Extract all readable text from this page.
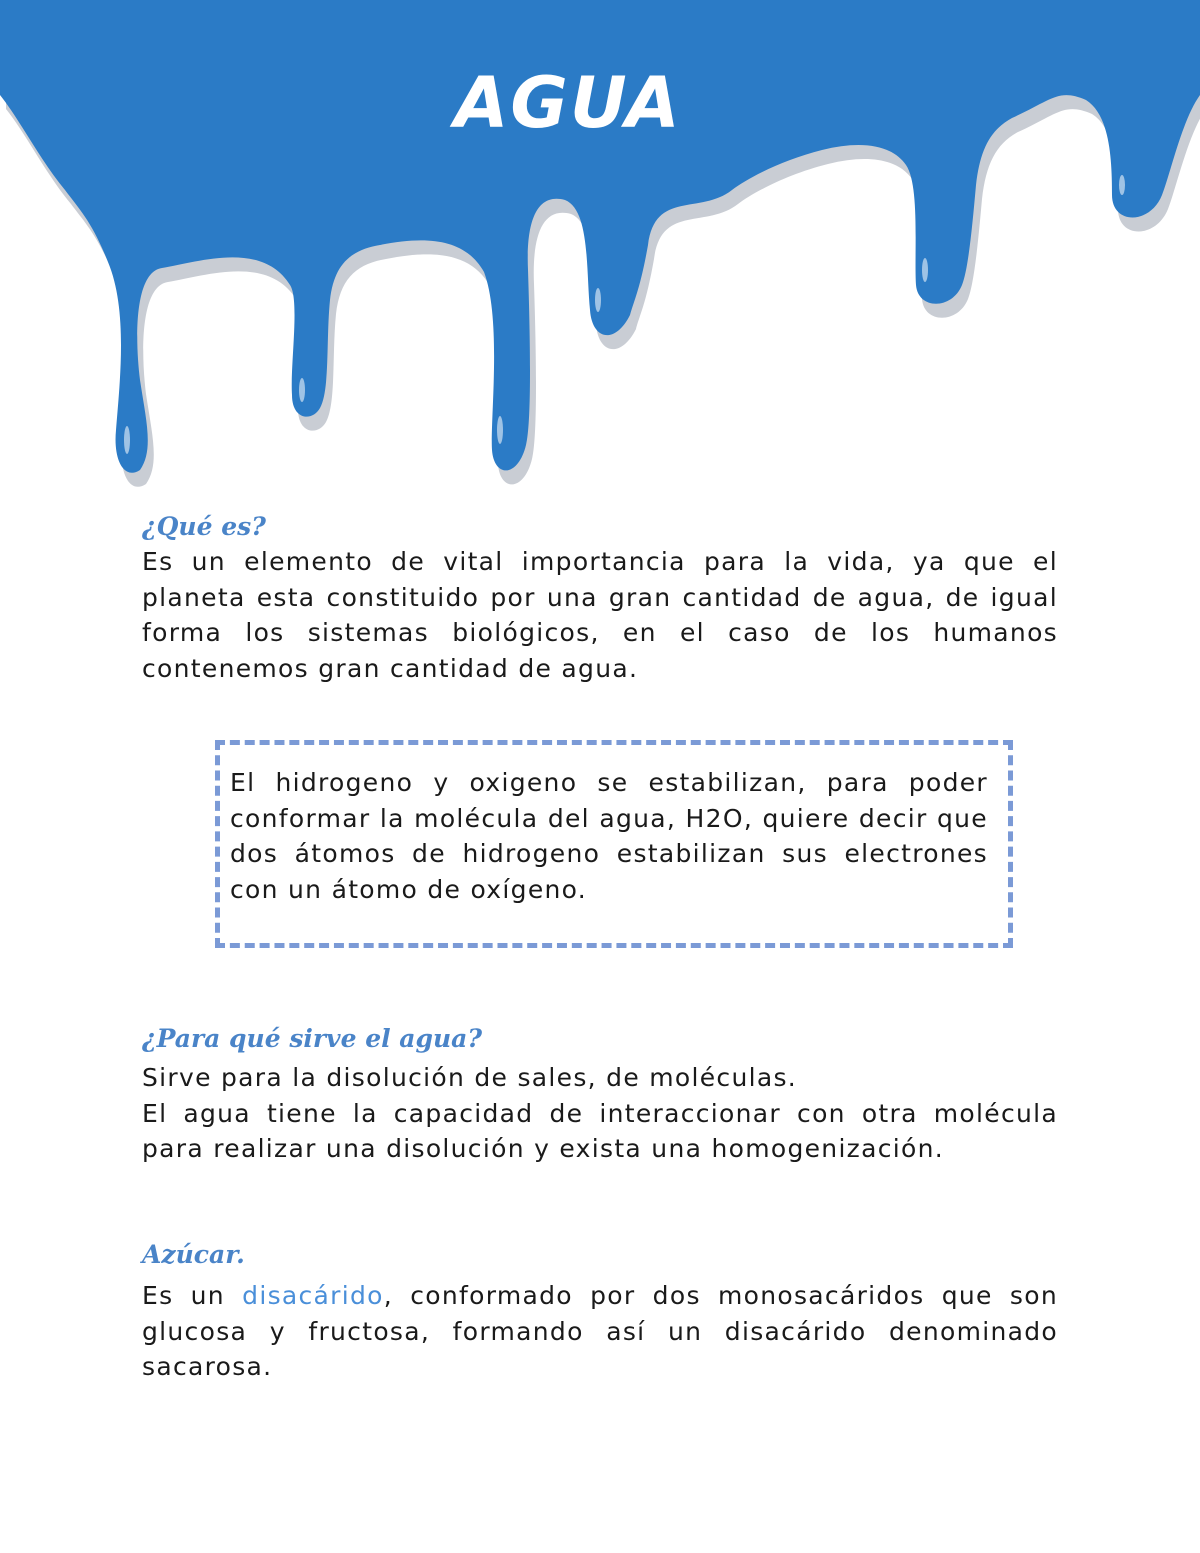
AGUA
¿Qué es?

Es un elemento de vital importancia para la vida, ya que el planeta esta constituido por una gran cantidad de agua, de igual forma los sistemas biológicos, en el caso de los humanos contenemos gran cantidad de agua.

El hidrogeno y oxigeno se estabilizan, para poder conformar la molécula del agua, H2O, quiere decir que dos átomos de hidrogeno estabilizan sus electrones con un átomo de oxígeno.

¿Para qué sirve el agua?

Sirve para la disolución de sales, de moléculas.

El agua tiene la capacidad de interaccionar con otra molécula para realizar una disolución y exista una homogenización.

Azúcar.

Es un disacárido, conformado por dos monosacáridos que son glucosa y fructosa, formando así un disacárido denominado sacarosa.
